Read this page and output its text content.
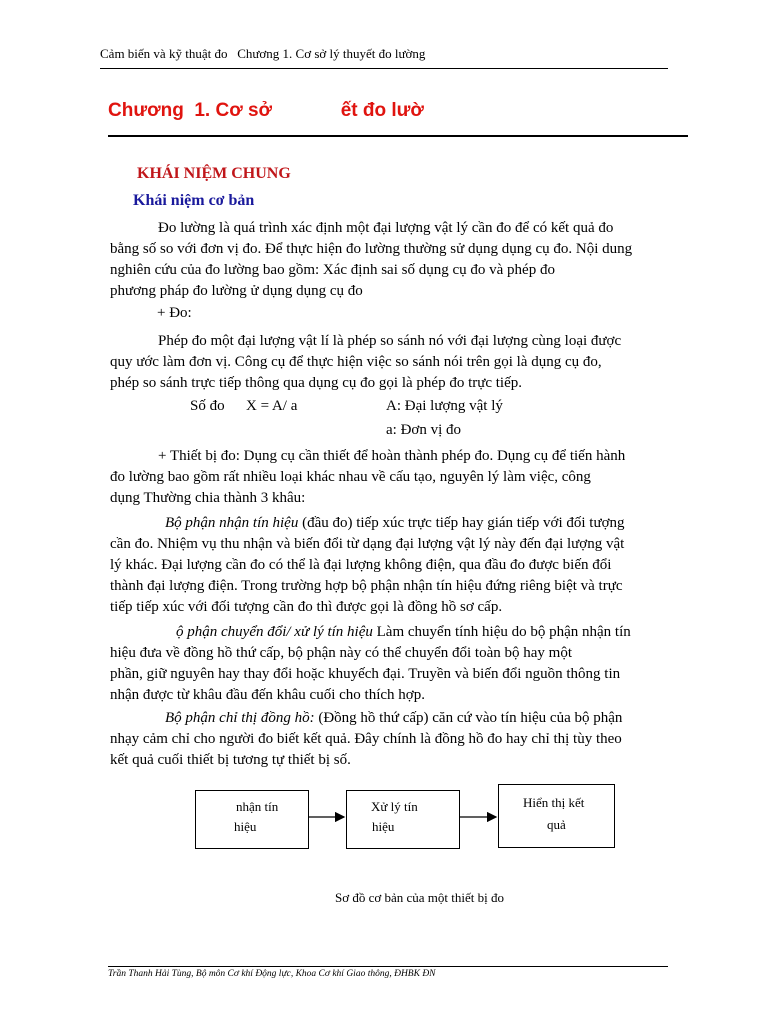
Cảm biến và kỹ thuật đo   Chương 1. Cơ sở lý thuyết đo lường
Chương  1. Cơ sở             ết đo lườ
KHÁI NIỆM CHUNG
Khái niệm cơ bản
Đo lường là quá trình xác định một đại lượng vật lý cần đo để có kết quả đo
bằng số so với đơn vị đo. Để thực hiện đo lường thường sử dụng dụng cụ đo. Nội dung
nghiên cứu của đo lường bao gồm: Xác định sai số dụng cụ đo và phép đo
phương pháp đo lường ử dụng dụng cụ đo
+ Đo:
Phép đo một đại lượng vật lí là phép so sánh nó với đại lượng cùng loại được
quy ước làm đơn vị. Công cụ để thực hiện việc so sánh nói trên gọi là dụng cụ đo,
phép so sánh trực tiếp thông qua dụng cụ đo gọi là phép đo trực tiếp.
Số đo X = A/ a	A: Đại lượng vật lý
a: Đơn vị đo
+ Thiết bị đo: Dụng cụ cần thiết để hoàn thành phép đo. Dụng cụ để tiến hành
đo lường bao gồm rất nhiều loại khác nhau về cấu tạo, nguyên lý làm việc, công
dụng Thường chia thành 3 khâu:
Bộ phận nhận tín hiệu (đầu đo) tiếp xúc trực tiếp hay gián tiếp với đối tượng
cần đo. Nhiệm vụ thu nhận và biến đổi từ dạng đại lượng vật lý này đến đại lượng vật
lý khác. Đại lượng cần đo có thể là đại lượng không điện, qua đầu đo được biến đổi
thành đại lượng điện. Trong trường hợp bộ phận nhận tín hiệu đứng riêng biệt và trực
tiếp tiếp xúc với đối tượng cần đo thì được gọi là đồng hồ sơ cấp.
ộ phận chuyển đổi/ xử lý tín hiệu Làm chuyển tính hiệu do bộ phận nhận tín
hiệu đưa về đồng hồ thứ cấp, bộ phận này có thể chuyển đổi toàn bộ hay một
phần, giữ nguyên hay thay đổi hoặc khuyếch đại. Truyền và biến đổi nguồn thông tin
nhận được từ khâu đầu đến khâu cuối cho thích hợp.
Bộ phận chỉ thị đồng hồ: (Đồng hồ thứ cấp) căn cứ vào tín hiệu của bộ phận
nhạy cảm chỉ cho người đo biết kết quả. Đây chính là đồng hồ đo hay chỉ thị tùy theo
kết quả cuối thiết bị tương tự thiết bị số.
nhận tín
hiệu
Xử lý tín
hiệu
Hiển thị kết
quả
Sơ đồ cơ bản của một thiết bị đo
Trần Thanh Hải Tùng, Bộ môn Cơ khí Động lực, Khoa Cơ khí Giao thông, ĐHBK ĐN
